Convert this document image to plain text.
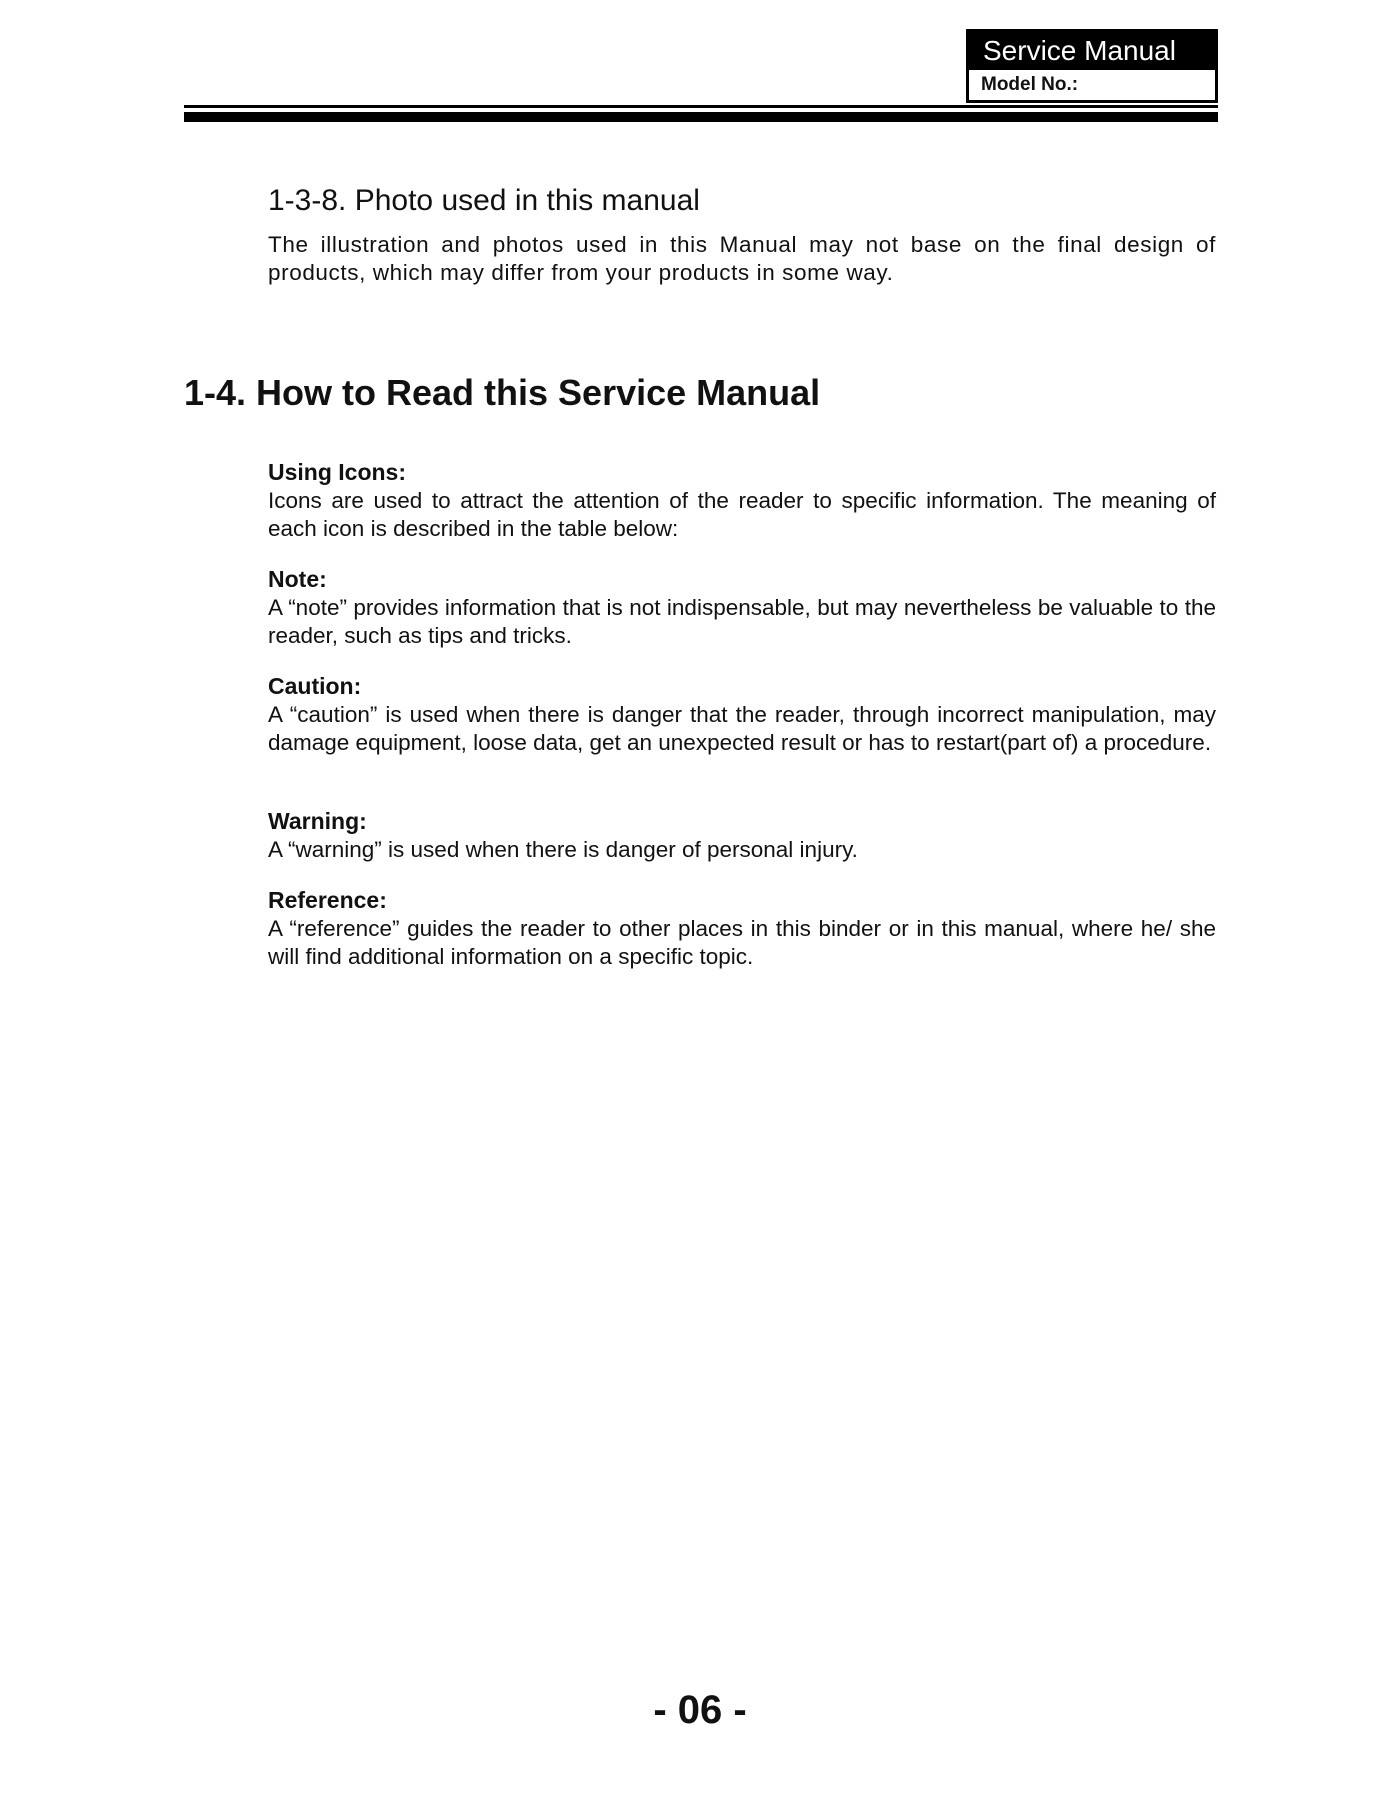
Service Manual
Model No.:
1-3-8. Photo used in this manual

The illustration and photos used in this Manual may not base on the final design of products, which may differ from your products in some way.

1-4. How to Read this Service Manual
Using Icons:

Icons are used to attract the attention of the reader to specific information. The meaning of each icon is described in the table below:

Note:

A “note” provides information that is not indispensable, but may nevertheless be valuable to the reader, such as tips and tricks.

Caution:

A “caution” is used when there is danger that the reader, through incorrect manipulation, may damage equipment, loose data, get an unexpected result or has to restart(part of) a procedure.

Warning:

A “warning” is used when there is danger of personal injury.

Reference:

A “reference” guides the reader to other places in this binder or in this manual, where he/ she will find additional information on a specific topic.

- 06 -
